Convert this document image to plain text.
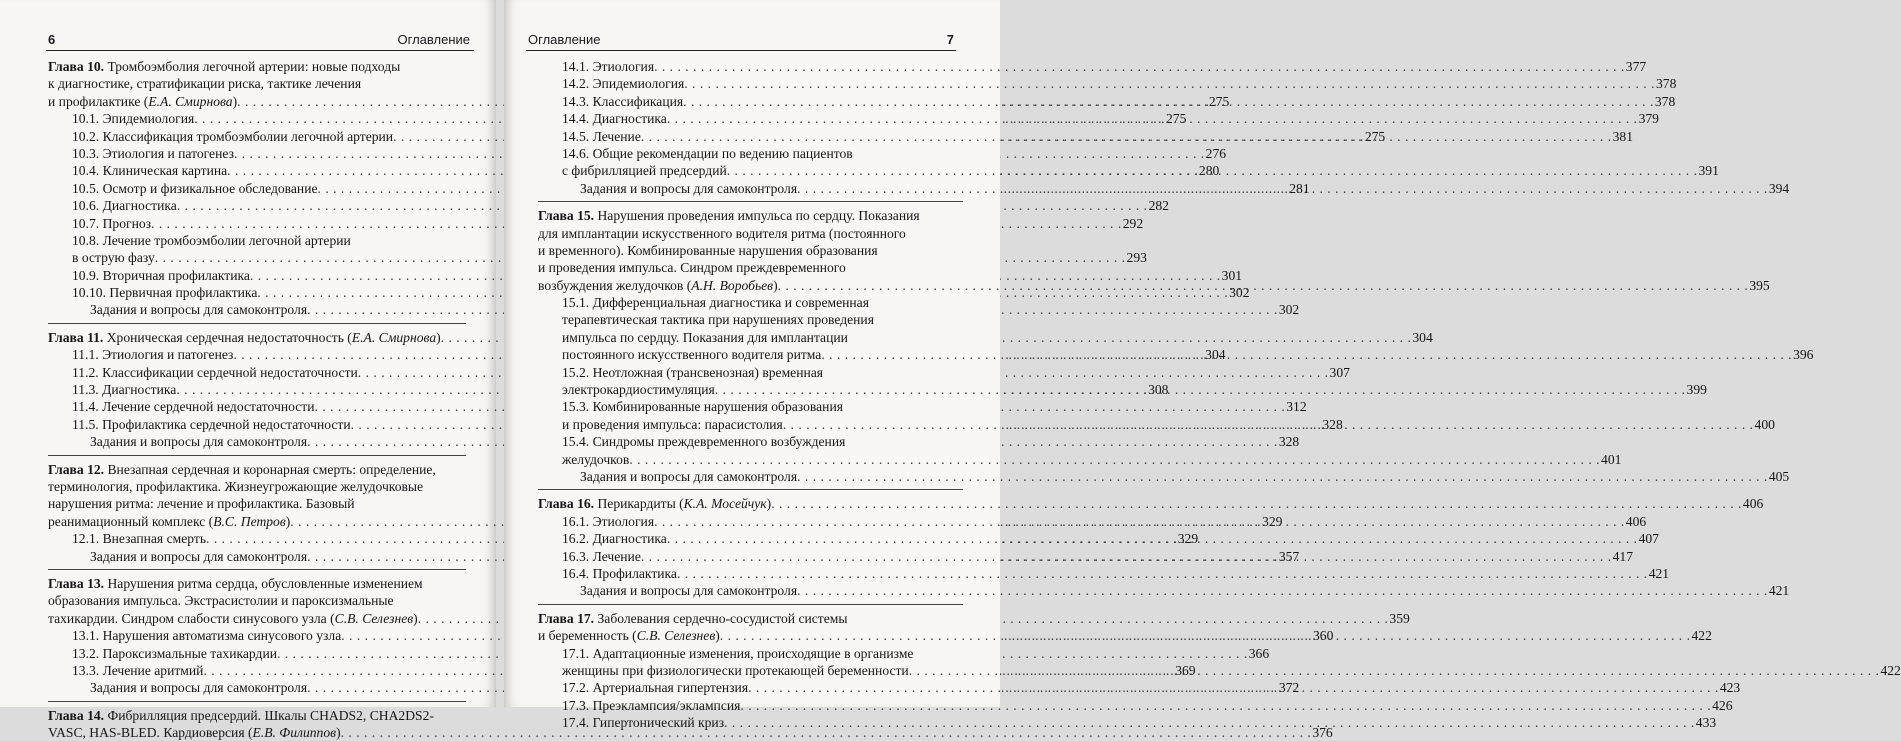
6	Оглавление
Глава 10. Тромбоэмболия легочной артерии: новые подходы
к диагностике, стратификации риска, тактике лечения
и профилактике (Е.А. Смирнова) . . .	275
10.1. Эпидемиология . . .	275
10.2. Классификация тромбоэмболии легочной артерии . . .	275
10.3. Этиология и патогенез . . .	276
10.4. Клиническая картина . . .	280
10.5. Осмотр и физикальное обследование . . .	281
10.6. Диагностика . . .	282
10.7. Прогноз . . .	292
10.8. Лечение тромбоэмболии легочной артерии
в острую фазу . . .	293
10.9. Вторичная профилактика . . .	301
10.10. Первичная профилактика . . .	302
Задания и вопросы для самоконтроля . . .	302
Глава 11. Хроническая сердечная недостаточность (Е.А. Смирнова) . . .	304
11.1. Этиология и патогенез . . .	304
11.2. Классификации сердечной недостаточности . . .	307
11.3. Диагностика . . .	308
11.4. Лечение сердечной недостаточности . . .	312
11.5. Профилактика сердечной недостаточности . . .	328
Задания и вопросы для самоконтроля . . .	328
Глава 12. Внезапная сердечная и коронарная смерть: определение,
терминология, профилактика. Жизнеугрожающие желудочковые
нарушения ритма: лечение и профилактика. Базовый
реанимационный комплекс (В.С. Петров) . . .	329
12.1. Внезапная смерть . . .	329
Задания и вопросы для самоконтроля . . .	357
Глава 13. Нарушения ритма сердца, обусловленные изменением
образования импульса. Экстрасистолии и пароксизмальные
тахикардии. Синдром слабости синусового узла (С.В. Селезнев) . . .	359
13.1. Нарушения автоматизма синусового узла . . .	360
13.2. Пароксизмальные тахикардии . . .	366
13.3. Лечение аритмий . . .	369
Задания и вопросы для самоконтроля . . .	372
Глава 14. Фибрилляция предсердий. Шкалы CHADS2, CHA2DS2-
VASC, HAS-BLED. Кардиоверсия (Е.В. Филиппов) . . .	376
Оглавление	7
14.1. Этиология . . .	377
14.2. Эпидемиология . . .	378
14.3. Классификация . . .	378
14.4. Диагностика . . .	379
14.5. Лечение . . .	381
14.6. Общие рекомендации по ведению пациентов
с фибрилляцией предсердий . . .	391
Задания и вопросы для самоконтроля . . .	394
Глава 15. Нарушения проведения импульса по сердцу. Показания
для имплантации искусственного водителя ритма (постоянного
и временного). Комбинированные нарушения образования
и проведения импульса. Синдром преждевременного
возбуждения желудочков (А.Н. Воробьев) . . .	395
15.1. Дифференциальная диагностика и современная
терапевтическая тактика при нарушениях проведения
импульса по сердцу. Показания для имплантации
постоянного искусственного водителя ритма . . .	396
15.2. Неотложная (трансвенозная) временная
электрокардиостимуляция . . .	399
15.3. Комбинированные нарушения образования
и проведения импульса: парасистолия . . .	400
15.4. Синдромы преждевременного возбуждения
желудочков . . .	401
Задания и вопросы для самоконтроля . . .	405
Глава 16. Перикардиты (К.А. Мосейчук) . . .	406
16.1. Этиология . . .	406
16.2. Диагностика . . .	407
16.3. Лечение . . .	417
16.4. Профилактика . . .	421
Задания и вопросы для самоконтроля . . .	421
Глава 17. Заболевания сердечно-сосудистой системы
и беременность (С.В. Селезнев) . . .	422
17.1. Адаптационные изменения, происходящие в организме
женщины при физиологически протекающей беременности . . .	422
17.2. Артериальная гипертензия . . .	423
17.3. Преэклампсия/эклампсия . . .	426
17.4. Гипертонический криз . . .	433
